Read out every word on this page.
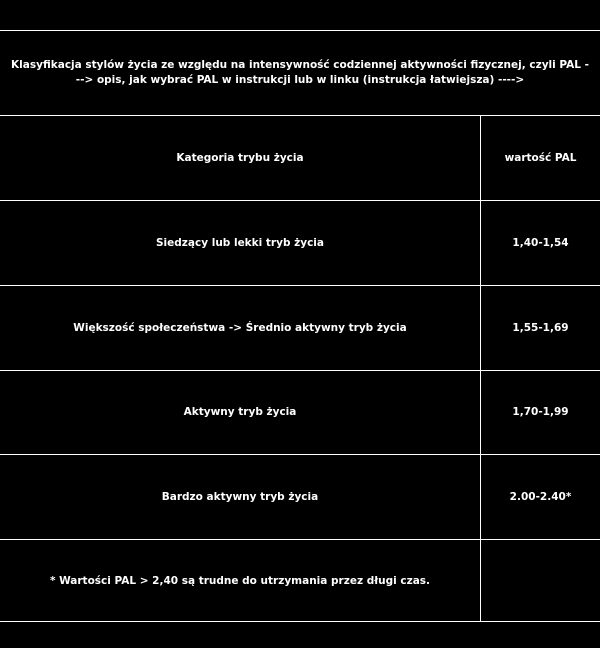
Klasyfikacja stylów życia ze względu na intensywność codziennej aktywności fizycznej, czyli PAL ---> opis, jak wybrać PAL w instrukcji lub w linku (instrukcja łatwiejsza) ---->
Kategoria trybu życia	wartość PAL
Siedzący lub lekki tryb życia	1,40-1,54
Większość społeczeństwa -> Średnio aktywny tryb życia	1,55-1,69
Aktywny tryb życia	1,70-1,99
Bardzo aktywny tryb życia	2.00-2.40*
* Wartości PAL > 2,40 są trudne do utrzymania przez długi czas.
